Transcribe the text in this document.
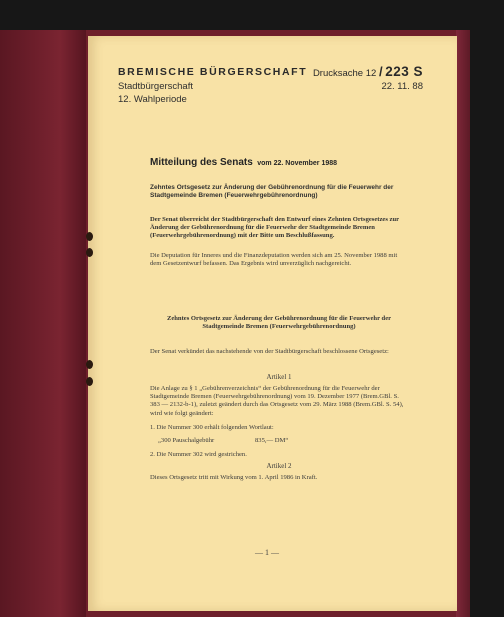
BREMISCHE BÜRGERSCHAFT
Stadtbürgerschaft
12. Wahlperiode
Drucksache 12 / 223 S
22. 11. 88
Mitteilung des Senats vom 22. November 1988
Zehntes Ortsgesetz zur Änderung der Gebührenordnung für die Feuerwehr der Stadtgemeinde Bremen (Feuerwehrgebührenordnung)
Der Senat überreicht der Stadtbürgerschaft den Entwurf eines Zehnten Ortsgesetzes zur Änderung der Gebührenordnung für die Feuerwehr der Stadtgemeinde Bremen (Feuerwehrgebührenordnung) mit der Bitte um Beschlußfassung.
Die Deputation für Inneres und die Finanzdeputation werden sich am 25. November 1988 mit dem Gesetzentwurf befassen. Das Ergebnis wird unverzüglich nachgereicht.
Zehntes Ortsgesetz zur Änderung der Gebührenordnung für die Feuerwehr der Stadtgemeinde Bremen (Feuerwehrgebührenordnung)
Der Senat verkündet das nachstehende von der Stadtbürgerschaft beschlossene Ortsgesetz:
Artikel 1
Die Anlage zu § 1 „Gebührenverzeichnis“ der Gebührenordnung für die Feuerwehr der Stadtgemeinde Bremen (Feuerwehrgebührenordnung) vom 19. Dezember 1977 (Brem.GBl. S. 383 — 2132-b-1), zuletzt geändert durch das Ortsgesetz vom 29. März 1988 (Brem.GBl. S. 54), wird wie folgt geändert:
1. Die Nummer 300 erhält folgenden Wortlaut:
„300 Pauschalgebühr	835,— DM“
2. Die Nummer 302 wird gestrichen.
Artikel 2
Dieses Ortsgesetz tritt mit Wirkung vom 1. April 1986 in Kraft.
— 1 —
